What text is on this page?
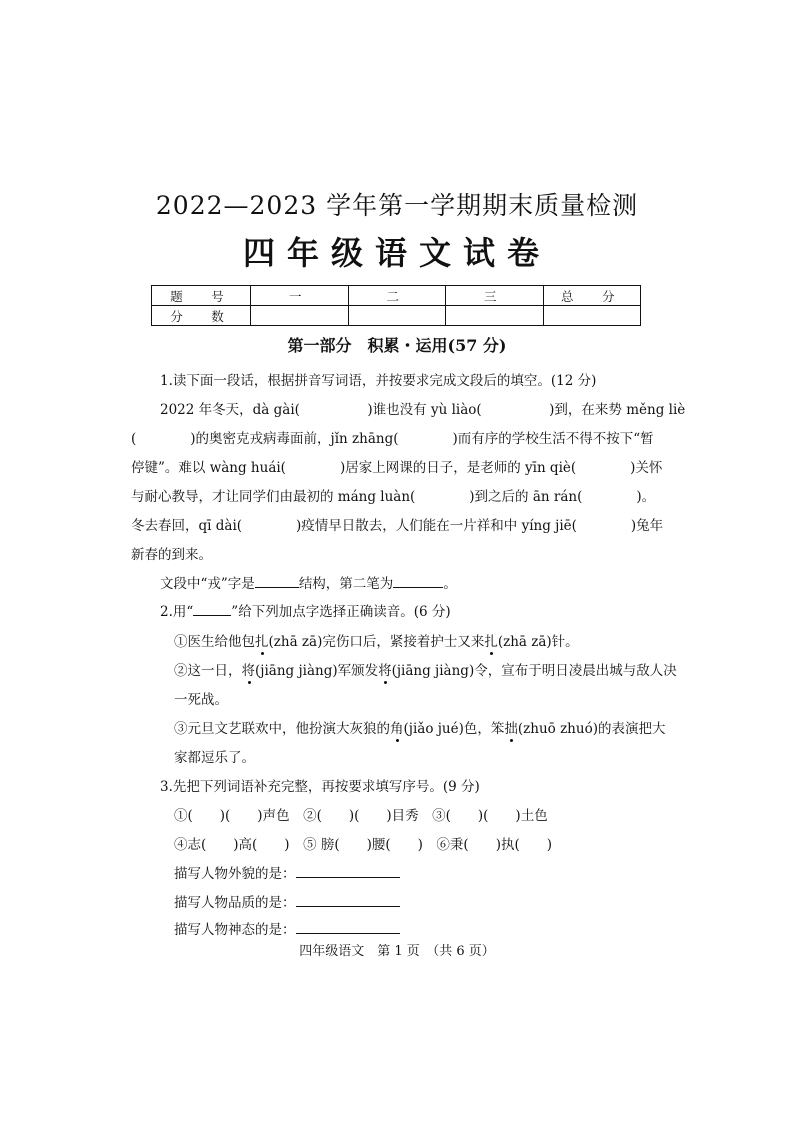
2022—2023 学年第一学期期末质量检测
四年级语文试卷
题　号	一	二	三	总　分
分　数				
第一部分　积累・运用(57 分)
1.读下面一段话，根据拼音写词语，并按要求完成文段后的填空。(12 分)
2022 年冬天，dà gài(　　　　　)谁也没有 yù liào(　　　　　)到，在来势 měng liè
(　　　　)的奥密克戎病毒面前，jǐn zhāng(　　　　)而有序的学校生活不得不按下“暂
停键”。难以 wàng huái(　　　　)居家上网课的日子，是老师的 yīn qiè(　　　　)关怀
与耐心教导，才让同学们由最初的 máng luàn(　　　　)到之后的 ān rán(　　　　)。
冬去春回，qī dài(　　　　)疫情早日散去，人们能在一片祥和中 yíng jiē(　　　　)兔年
新春的到来。
文段中“戎”字是	结构，第二笔为	。
2.用“	”给下列加点字选择正确读音。(6 分)
①医生给他包扎(zhā zā)完伤口后，紧接着护士又来扎(zhā zā)针。
②这一日，将(jiāng jiàng)军颁发将(jiāng jiàng)令，宣布于明日凌晨出城与敌人决
一死战。
③元旦文艺联欢中，他扮演大灰狼的角(jiǎo jué)色，笨拙(zhuō zhuó)的表演把大
家都逗乐了。
3.先把下列词语补充完整，再按要求填写序号。(9 分)
①(　　)(　　)声色　②(　　)(　　)目秀　③(　　)(　　)土色
④志(　　)高(　　)　⑤ 膀(　　)腰(　　)　⑥秉(　　)执(　　)
描写人物外貌的是：
描写人物品质的是：
描写人物神态的是：
四年级语文　第 1 页　（共 6 页）
